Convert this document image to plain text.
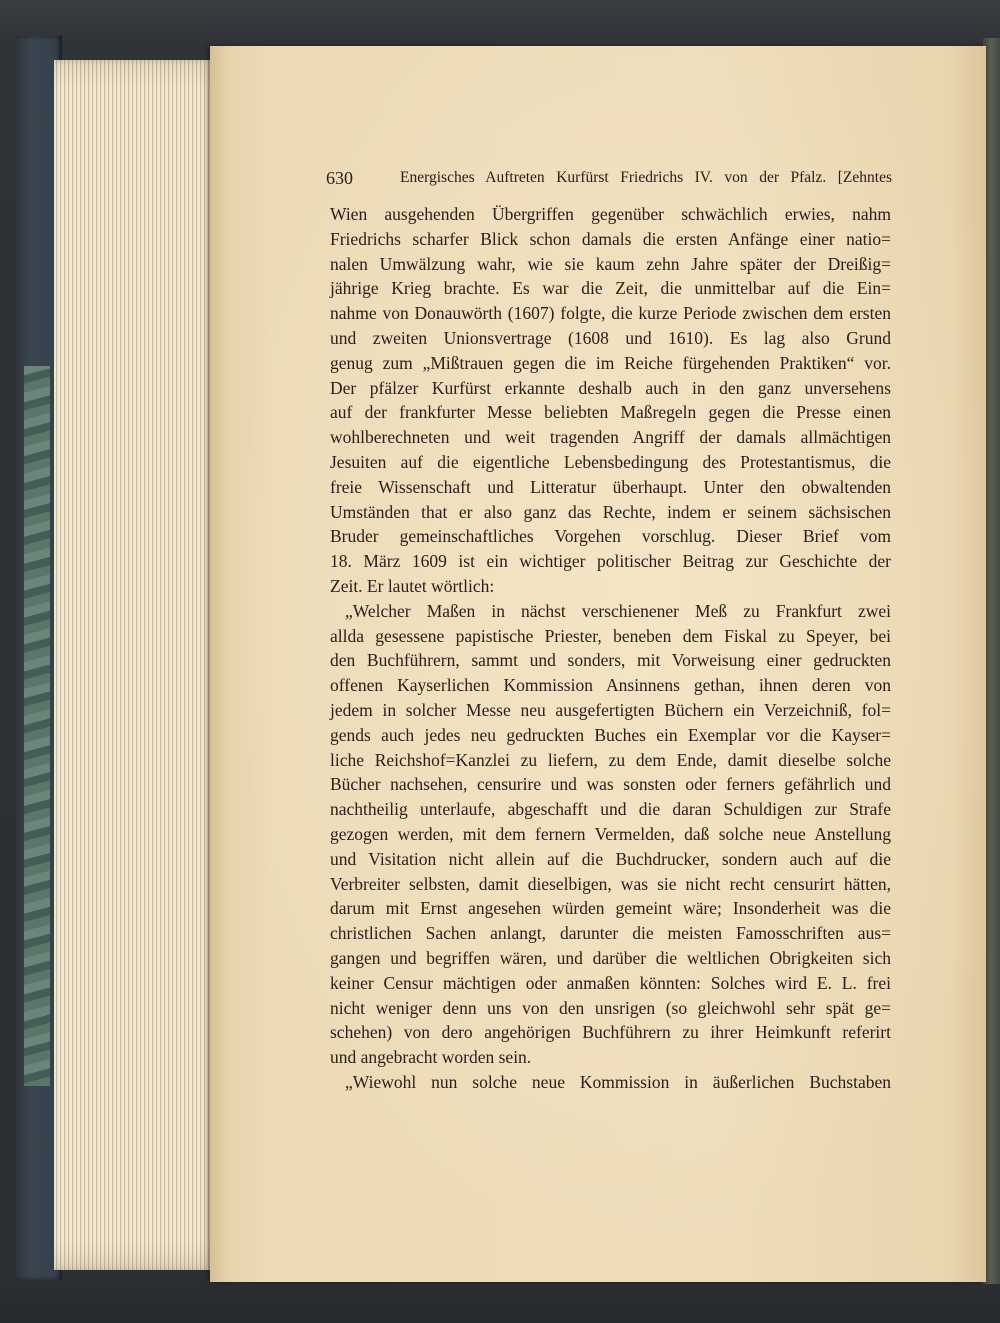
630	Energisches Auftreten Kurfürst Friedrichs IV. von der Pfalz. [Zehntes
Wien ausgehenden Übergriffen gegenüber schwächlich erwies, nahm
Friedrichs scharfer Blick schon damals die ersten Anfänge einer natio=
nalen Umwälzung wahr, wie sie kaum zehn Jahre später der Dreißig=
jährige Krieg brachte. Es war die Zeit, die unmittelbar auf die Ein=
nahme von Donauwörth (1607) folgte, die kurze Periode zwischen dem ersten
und zweiten Unionsvertrage (1608 und 1610). Es lag also Grund
genug zum „Mißtrauen gegen die im Reiche fürgehenden Praktiken“ vor.
Der pfälzer Kurfürst erkannte deshalb auch in den ganz unversehens
auf der frankfurter Messe beliebten Maßregeln gegen die Presse einen
wohlberechneten und weit tragenden Angriff der damals allmächtigen
Jesuiten auf die eigentliche Lebensbedingung des Protestantismus, die
freie Wissenschaft und Litteratur überhaupt. Unter den obwaltenden
Umständen that er also ganz das Rechte, indem er seinem sächsischen
Bruder gemeinschaftliches Vorgehen vorschlug. Dieser Brief vom
18. März 1609 ist ein wichtiger politischer Beitrag zur Geschichte der
Zeit. Er lautet wörtlich:
„Welcher Maßen in nächst verschienener Meß zu Frankfurt zwei
allda gesessene papistische Priester, beneben dem Fiskal zu Speyer, bei
den Buchführern, sammt und sonders, mit Vorweisung einer gedruckten
offenen Kayserlichen Kommission Ansinnens gethan, ihnen deren von
jedem in solcher Messe neu ausgefertigten Büchern ein Verzeichniß, fol=
gends auch jedes neu gedruckten Buches ein Exemplar vor die Kayser=
liche Reichshof=Kanzlei zu liefern, zu dem Ende, damit dieselbe solche
Bücher nachsehen, censurire und was sonsten oder ferners gefährlich und
nachtheilig unterlaufe, abgeschafft und die daran Schuldigen zur Strafe
gezogen werden, mit dem fernern Vermelden, daß solche neue Anstellung
und Visitation nicht allein auf die Buchdrucker, sondern auch auf die
Verbreiter selbsten, damit dieselbigen, was sie nicht recht censurirt hätten,
darum mit Ernst angesehen würden gemeint wäre; Insonderheit was die
christlichen Sachen anlangt, darunter die meisten Famosschriften aus=
gangen und begriffen wären, und darüber die weltlichen Obrigkeiten sich
keiner Censur mächtigen oder anmaßen könnten: Solches wird E. L. frei
nicht weniger denn uns von den unsrigen (so gleichwohl sehr spät ge=
schehen) von dero angehörigen Buchführern zu ihrer Heimkunft referirt
und angebracht worden sein.
„Wiewohl nun solche neue Kommission in äußerlichen Buchstaben
